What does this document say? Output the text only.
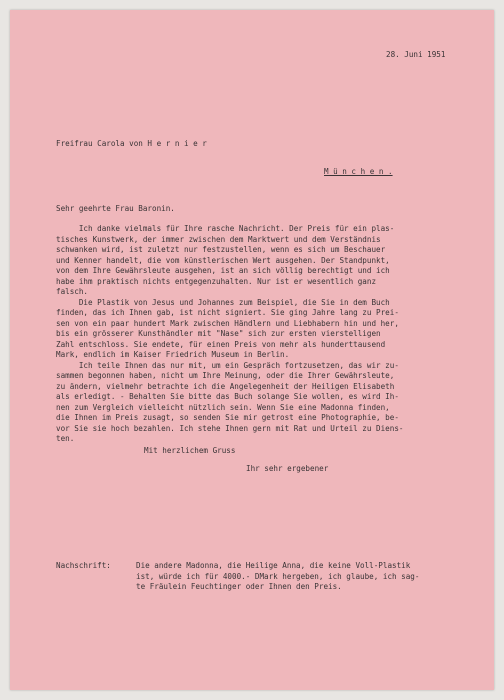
28. Juni 1951
Freifrau Carola von H e r n i e r
M ü n c h e n .
Sehr geehrte Frau Baronin.
Ich danke vielmals für Ihre rasche Nachricht. Der Preis für ein plas-
tisches Kunstwerk, der immer zwischen dem Marktwert und dem Verständnis
schwanken wird, ist zuletzt nur festzustellen, wenn es sich um Beschauer
und Kenner handelt, die vom künstlerischen Wert ausgehen. Der Standpunkt,
von dem Ihre Gewährsleute ausgehen, ist an sich völlig berechtigt und ich
habe ihm praktisch nichts entgegenzuhalten. Nur ist er wesentlich ganz
falsch.
Die Plastik von Jesus und Johannes zum Beispiel, die Sie in dem Buch
finden, das ich Ihnen gab, ist nicht signiert. Sie ging Jahre lang zu Prei-
sen von ein paar hundert Mark zwischen Händlern und Liebhabern hin und her,
bis ein grösserer Kunsthändler mit "Nase" sich zur ersten vierstelligen
Zahl entschloss. Sie endete, für einen Preis von mehr als hunderttausend
Mark, endlich im Kaiser Friedrich Museum in Berlin.
Ich teile Ihnen das nur mit, um ein Gespräch fortzusetzen, das wir zu-
sammen begonnen haben, nicht um Ihre Meinung, oder die Ihrer Gewährsleute,
zu ändern, vielmehr betrachte ich die Angelegenheit der Heiligen Elisabeth
als erledigt. - Behalten Sie bitte das Buch solange Sie wollen, es wird Ih-
nen zum Vergleich vielleicht nützlich sein. Wenn Sie eine Madonna finden,
die Ihnen im Preis zusagt, so senden Sie mir getrost eine Photographie, be-
vor Sie sie hoch bezahlen. Ich stehe Ihnen gern mit Rat und Urteil zu Diens-
ten.
Mit herzlichem Gruss
Ihr sehr ergebener
Nachschrift:	Die andere Madonna, die Heilige Anna, die keine Voll-Plastik
ist, würde ich für 4000.- DMark hergeben, ich glaube, ich sag-
te Fräulein Feuchtinger oder Ihnen den Preis.
